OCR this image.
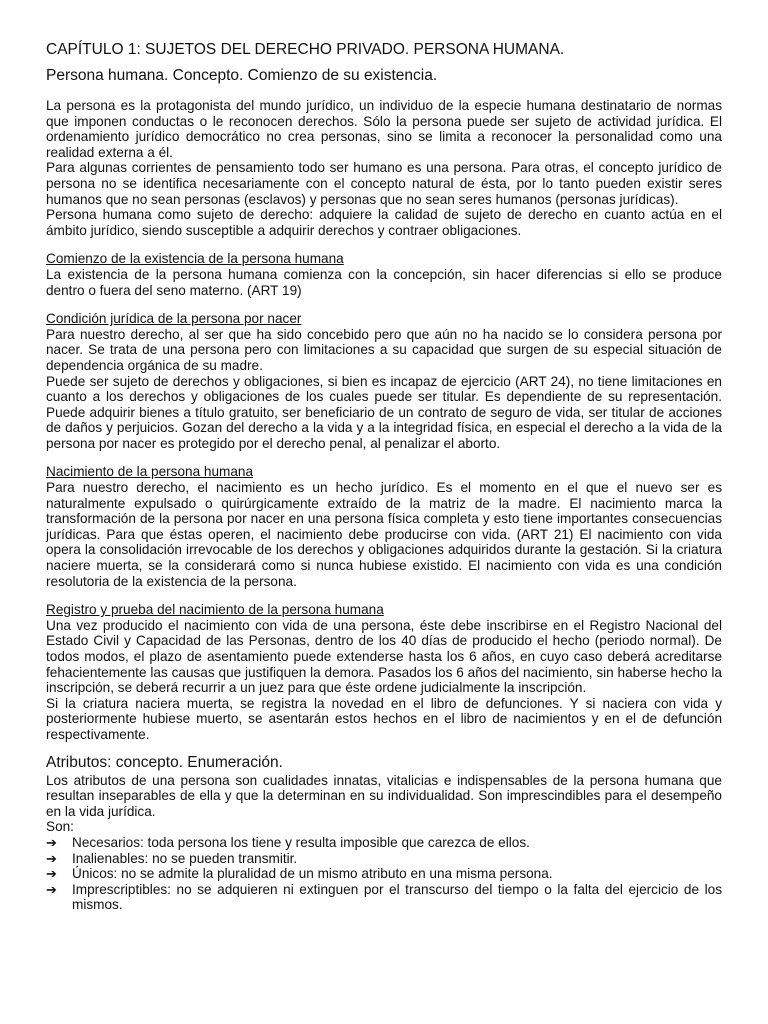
CAPÍTULO 1: SUJETOS DEL DERECHO PRIVADO. PERSONA HUMANA.
Persona humana. Concepto. Comienzo de su existencia.

La persona es la protagonista del mundo jurídico, un individuo de la especie humana destinatario de normas que imponen conductas o le reconocen derechos. Sólo la persona puede ser sujeto de actividad jurídica. El ordenamiento jurídico democrático no crea personas, sino se limita a reconocer la personalidad como una realidad externa a él.

Para algunas corrientes de pensamiento todo ser humano es una persona. Para otras, el concepto jurídico de persona no se identifica necesariamente con el concepto natural de ésta, por lo tanto pueden existir seres humanos que no sean personas (esclavos) y personas que no sean seres humanos (personas jurídicas).

Persona humana como sujeto de derecho: adquiere la calidad de sujeto de derecho en cuanto actúa en el ámbito jurídico, siendo susceptible a adquirir derechos y contraer obligaciones.

Comienzo de la existencia de la persona humana

La existencia de la persona humana comienza con la concepción, sin hacer diferencias si ello se produce dentro o fuera del seno materno. (ART 19)

Condición jurídica de la persona por nacer

Para nuestro derecho, al ser que ha sido concebido pero que aún no ha nacido se lo considera persona por nacer. Se trata de una persona pero con limitaciones a su capacidad que surgen de su especial situación de dependencia orgánica de su madre.

Puede ser sujeto de derechos y obligaciones, si bien es incapaz de ejercicio (ART 24), no tiene limitaciones en cuanto a los derechos y obligaciones de los cuales puede ser titular. Es dependiente de su representación. Puede adquirir bienes a título gratuito, ser beneficiario de un contrato de seguro de vida, ser titular de acciones de daños y perjuicios. Gozan del derecho a la vida y a la integridad física, en especial el derecho a la vida de la persona por nacer es protegido por el derecho penal, al penalizar el aborto.

Nacimiento de la persona humana

Para nuestro derecho, el nacimiento es un hecho jurídico. Es el momento en el que el nuevo ser es naturalmente expulsado o quirúrgicamente extraído de la matriz de la madre. El nacimiento marca la transformación de la persona por nacer en una persona física completa y esto tiene importantes consecuencias jurídicas. Para que éstas operen, el nacimiento debe producirse con vida. (ART 21) El nacimiento con vida opera la consolidación irrevocable de los derechos y obligaciones adquiridos durante la gestación. Si la criatura naciere muerta, se la considerará como si nunca hubiese existido. El nacimiento con vida es una condición resolutoria de la existencia de la persona.

Registro y prueba del nacimiento de la persona humana

Una vez producido el nacimiento con vida de una persona, éste debe inscribirse en el Registro Nacional del Estado Civil y Capacidad de las Personas, dentro de los 40 días de producido el hecho (periodo normal). De todos modos, el plazo de asentamiento puede extenderse hasta los 6 años, en cuyo caso deberá acreditarse fehacientemente las causas que justifiquen la demora. Pasados los 6 años del nacimiento, sin haberse hecho la inscripción, se deberá recurrir a un juez para que éste ordene judicialmente la inscripción.

Si la criatura naciera muerta, se registra la novedad en el libro de defunciones. Y si naciera con vida y posteriormente hubiese muerto, se asentarán estos hechos en el libro de nacimientos y en el de defunción respectivamente.

Atributos: concepto. Enumeración.

Los atributos de una persona son cualidades innatas, vitalicias e indispensables de la persona humana que resultan inseparables de ella y que la determinan en su individualidad. Son imprescindibles para el desempeño en la vida jurídica.

Son:

➔	Necesarios: toda persona los tiene y resulta imposible que carezca de ellos.
➔	Inalienables: no se pueden transmitir.
➔	Únicos: no se admite la pluralidad de un mismo atributo en una misma persona.
➔	Imprescriptibles: no se adquieren ni extinguen por el transcurso del tiempo o la falta del ejercicio de los mismos.
